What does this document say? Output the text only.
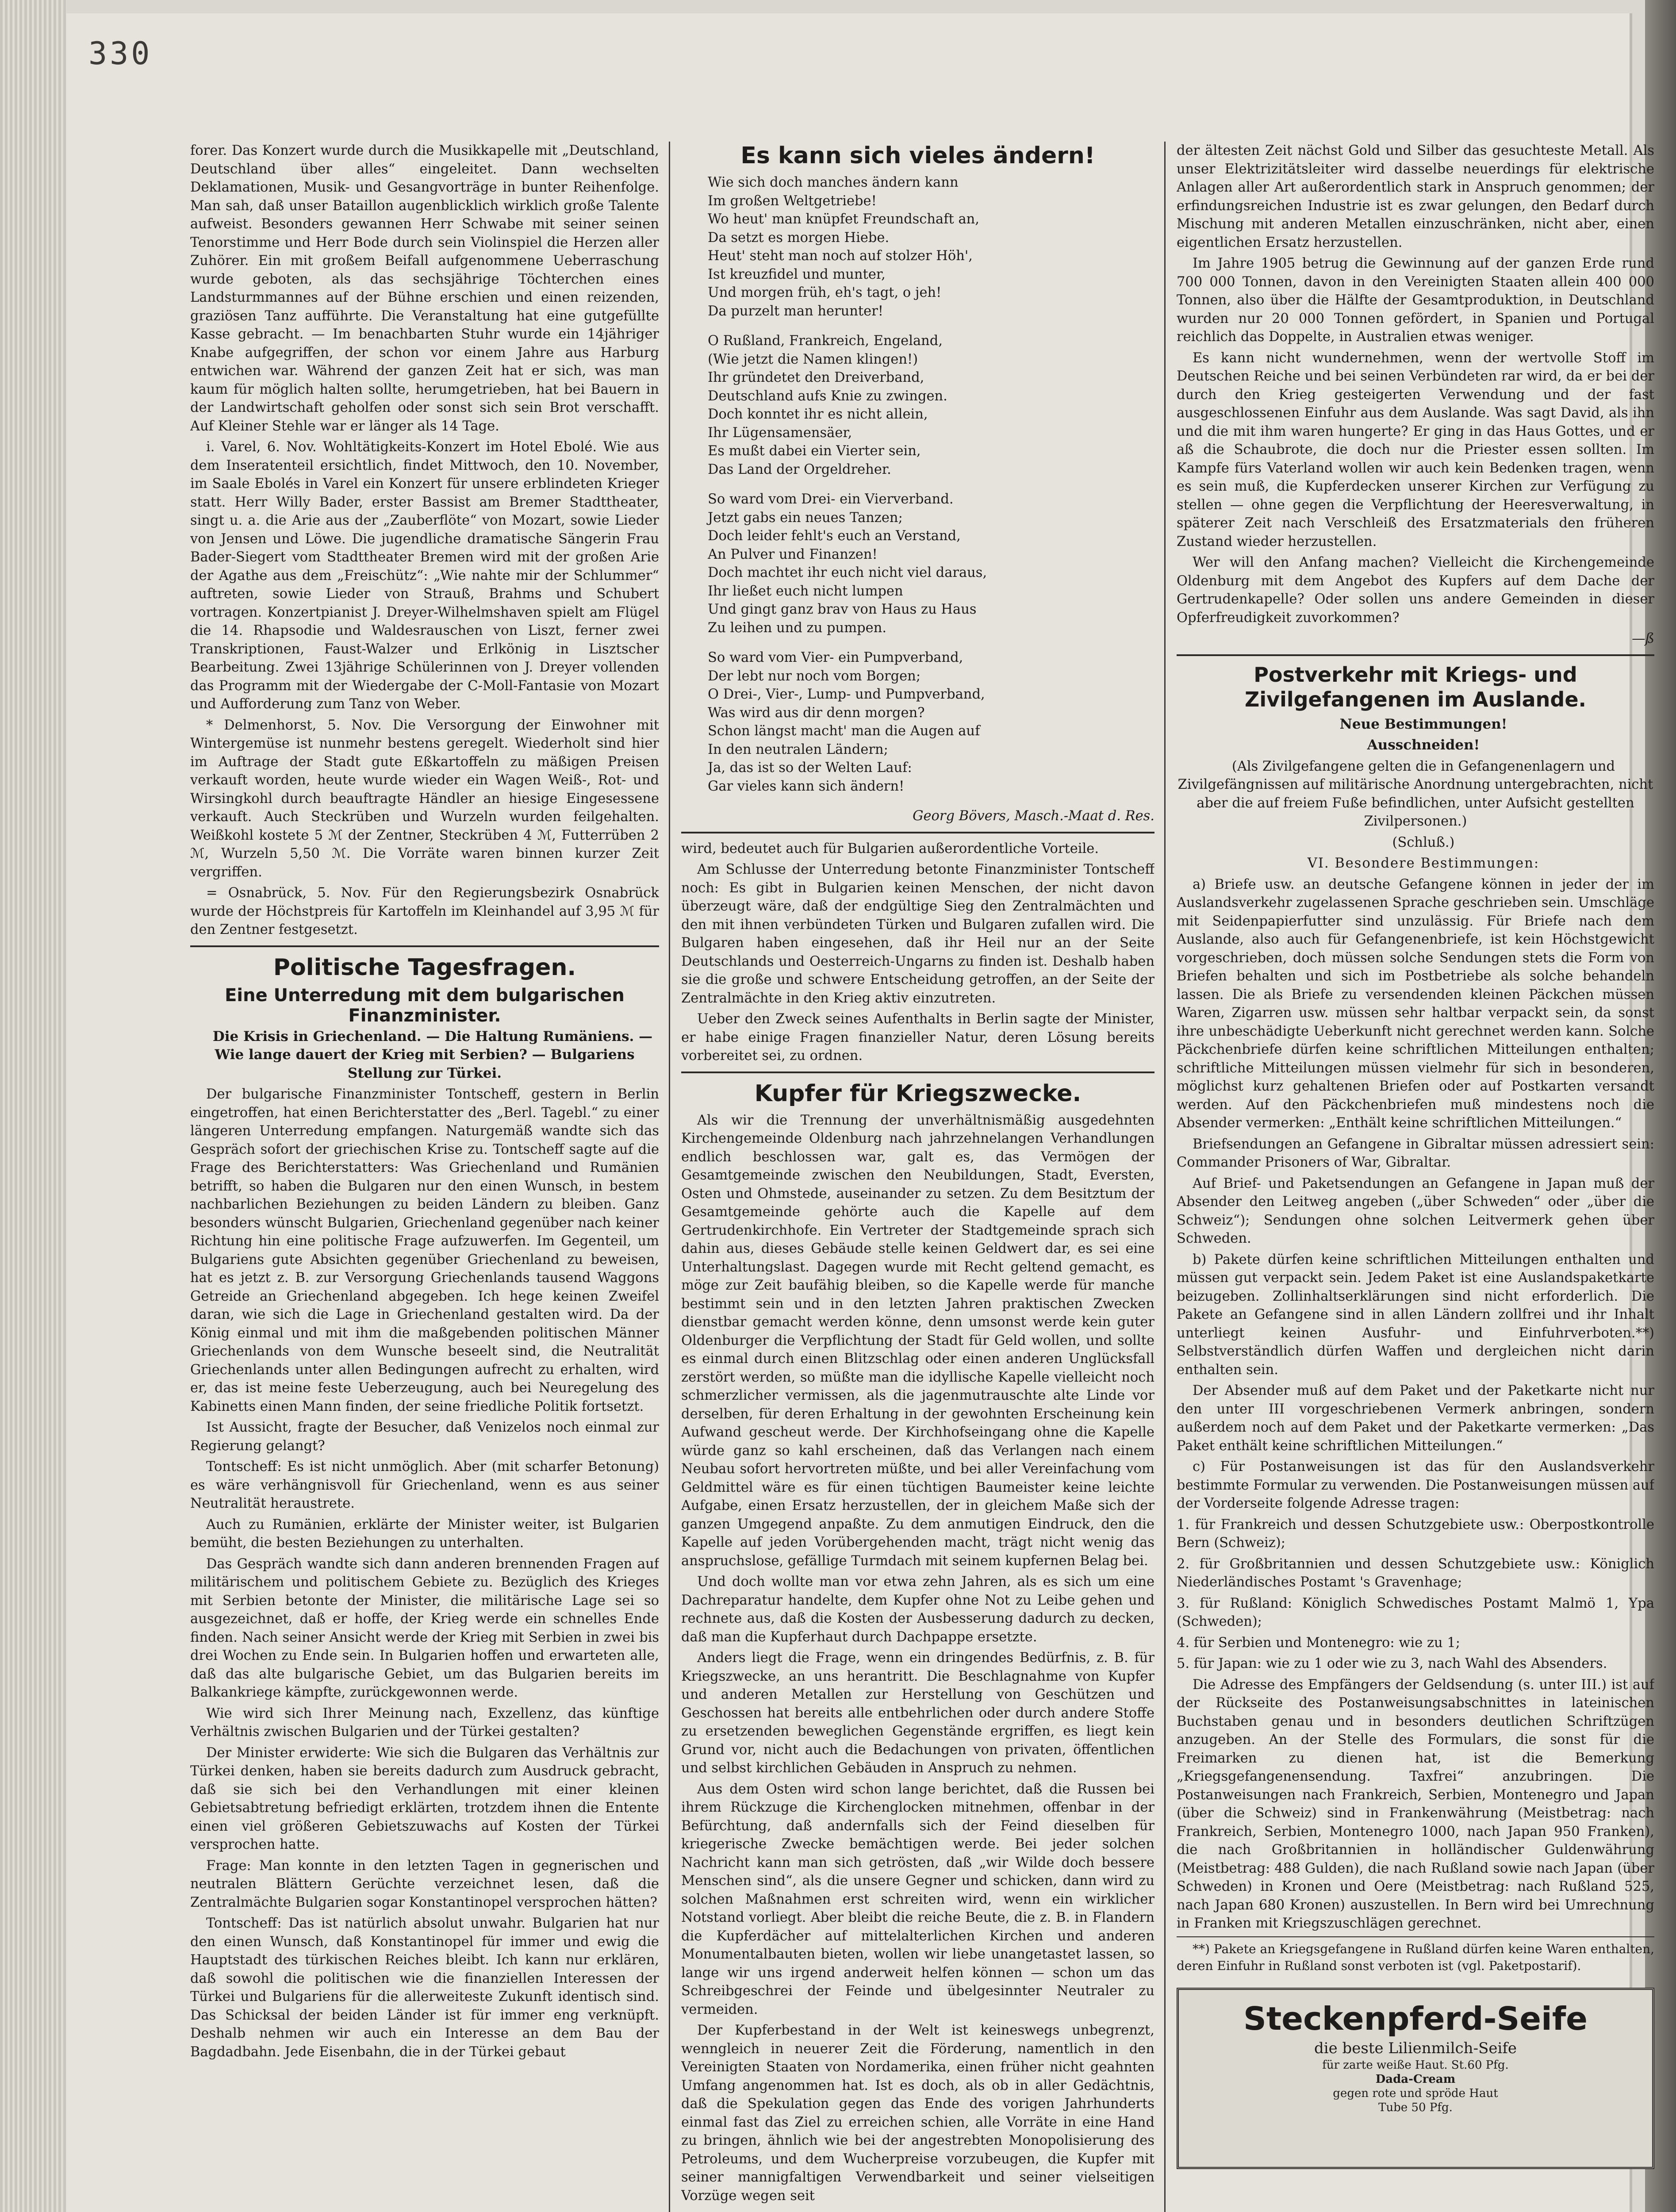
330

forer. Das Konzert wurde durch die Musikkapelle mit „Deutschland, Deutschland über alles“ eingeleitet. Dann wechselten Deklamationen, Musik- und Gesangvorträge in bunter Reihenfolge. Man sah, daß unser Bataillon augenblicklich wirklich große Talente aufweist. Besonders gewannen Herr Schwabe mit seiner seinen Tenorstimme und Herr Bode durch sein Violinspiel die Herzen aller Zuhörer. Ein mit großem Beifall aufgenommene Ueberraschung wurde geboten, als das sechsjährige Töchterchen eines Landsturmmannes auf der Bühne erschien und einen reizenden, graziösen Tanz aufführte. Die Veranstaltung hat eine gutgefüllte Kasse gebracht. — Im benachbarten Stuhr wurde ein 14jähriger Knabe aufgegriffen, der schon vor einem Jahre aus Harburg entwichen war. Während der ganzen Zeit hat er sich, was man kaum für möglich halten sollte, herumgetrieben, hat bei Bauern in der Landwirtschaft geholfen oder sonst sich sein Brot verschafft. Auf Kleiner Stehle war er länger als 14 Tage.

i. Varel, 6. Nov. Wohltätigkeits-Konzert im Hotel Ebolé. Wie aus dem Inseratenteil ersichtlich, findet Mittwoch, den 10. November, im Saale Ebolés in Varel ein Konzert für unsere erblindeten Krieger statt. Herr Willy Bader, erster Bassist am Bremer Stadttheater, singt u. a. die Arie aus der „Zauberflöte“ von Mozart, sowie Lieder von Jensen und Löwe. Die jugendliche dramatische Sängerin Frau Bader-Siegert vom Stadttheater Bremen wird mit der großen Arie der Agathe aus dem „Freischütz“: „Wie nahte mir der Schlummer“ auftreten, sowie Lieder von Strauß, Brahms und Schubert vortragen. Konzertpianist J. Dreyer-Wilhelmshaven spielt am Flügel die 14. Rhapsodie und Waldesrauschen von Liszt, ferner zwei Transkriptionen, Faust-Walzer und Erlkönig in Lisztscher Bearbeitung. Zwei 13jährige Schülerinnen von J. Dreyer vollenden das Programm mit der Wiedergabe der C-Moll-Fantasie von Mozart und Aufforderung zum Tanz von Weber.

* Delmenhorst, 5. Nov. Die Versorgung der Einwohner mit Wintergemüse ist nunmehr bestens geregelt. Wiederholt sind hier im Auftrage der Stadt gute Eßkartoffeln zu mäßigen Preisen verkauft worden, heute wurde wieder ein Wagen Weiß-, Rot- und Wirsingkohl durch beauftragte Händler an hiesige Eingesessene verkauft. Auch Steckrüben und Wurzeln wurden feilgehalten. Weißkohl kostete 5 ℳ der Zentner, Steckrüben 4 ℳ, Futterrüben 2 ℳ, Wurzeln 5,50 ℳ. Die Vorräte waren binnen kurzer Zeit vergriffen.

= Osnabrück, 5. Nov. Für den Regierungsbezirk Osnabrück wurde der Höchstpreis für Kartoffeln im Kleinhandel auf 3,95 ℳ für den Zentner festgesetzt.

Politische Tagesfragen.
Eine Unterredung mit dem bulgarischen Finanzminister.

Die Krisis in Griechenland. — Die Haltung Rumäniens. — Wie lange dauert der Krieg mit Serbien? — Bulgariens Stellung zur Türkei.

Der bulgarische Finanzminister Tontscheff, gestern in Berlin eingetroffen, hat einen Berichterstatter des „Berl. Tagebl.“ zu einer längeren Unterredung empfangen. Naturgemäß wandte sich das Gespräch sofort der griechischen Krise zu. Tontscheff sagte auf die Frage des Berichterstatters: Was Griechenland und Rumänien betrifft, so haben die Bulgaren nur den einen Wunsch, in bestem nachbarlichen Beziehungen zu beiden Ländern zu bleiben. Ganz besonders wünscht Bulgarien, Griechenland gegenüber nach keiner Richtung hin eine politische Frage aufzuwerfen. Im Gegenteil, um Bulgariens gute Absichten gegenüber Griechenland zu beweisen, hat es jetzt z. B. zur Versorgung Griechenlands tausend Waggons Getreide an Griechenland abgegeben. Ich hege keinen Zweifel daran, wie sich die Lage in Griechenland gestalten wird. Da der König einmal und mit ihm die maßgebenden politischen Männer Griechenlands von dem Wunsche beseelt sind, die Neutralität Griechenlands unter allen Bedingungen aufrecht zu erhalten, wird er, das ist meine feste Ueberzeugung, auch bei Neuregelung des Kabinetts einen Mann finden, der seine friedliche Politik fortsetzt.

Ist Aussicht, fragte der Besucher, daß Venizelos noch einmal zur Regierung gelangt?

Tontscheff: Es ist nicht unmöglich. Aber (mit scharfer Betonung) es wäre verhängnisvoll für Griechenland, wenn es aus seiner Neutralität heraustrete.

Auch zu Rumänien, erklärte der Minister weiter, ist Bulgarien bemüht, die besten Beziehungen zu unterhalten.

Das Gespräch wandte sich dann anderen brennenden Fragen auf militärischem und politischem Gebiete zu. Bezüglich des Krieges mit Serbien betonte der Minister, die militärische Lage sei so ausgezeichnet, daß er hoffe, der Krieg werde ein schnelles Ende finden. Nach seiner Ansicht werde der Krieg mit Serbien in zwei bis drei Wochen zu Ende sein. In Bulgarien hoffen und erwarteten alle, daß das alte bulgarische Gebiet, um das Bulgarien bereits im Balkankriege kämpfte, zurückgewonnen werde.

Wie wird sich Ihrer Meinung nach, Exzellenz, das künftige Verhältnis zwischen Bulgarien und der Türkei gestalten?

Der Minister erwiderte: Wie sich die Bulgaren das Verhältnis zur Türkei denken, haben sie bereits dadurch zum Ausdruck gebracht, daß sie sich bei den Verhandlungen mit einer kleinen Gebietsabtretung befriedigt erklärten, trotzdem ihnen die Entente einen viel größeren Gebietszuwachs auf Kosten der Türkei versprochen hatte.

Frage: Man konnte in den letzten Tagen in gegnerischen und neutralen Blättern Gerüchte verzeichnet lesen, daß die Zentralmächte Bulgarien sogar Konstantinopel versprochen hätten?

Tontscheff: Das ist natürlich absolut unwahr. Bulgarien hat nur den einen Wunsch, daß Konstantinopel für immer und ewig die Hauptstadt des türkischen Reiches bleibt. Ich kann nur erklären, daß sowohl die politischen wie die finanziellen Interessen der Türkei und Bulgariens für die allerweiteste Zukunft identisch sind. Das Schicksal der beiden Länder ist für immer eng verknüpft. Deshalb nehmen wir auch ein Interesse an dem Bau der Bagdadbahn. Jede Eisenbahn, die in der Türkei gebaut

Es kann sich vieles ändern!
Wie sich doch manches ändern kann
Im großen Weltgetriebe!
Wo heut' man knüpfet Freundschaft an,
Da setzt es morgen Hiebe.
Heut' steht man noch auf stolzer Höh',
Ist kreuzfidel und munter,
Und morgen früh, eh's tagt, o jeh!
Da purzelt man herunter!
O Rußland, Frankreich, Engeland,
(Wie jetzt die Namen klingen!)
Ihr gründetet den Dreiverband,
Deutschland aufs Knie zu zwingen.
Doch konntet ihr es nicht allein,
Ihr Lügensamensäer,
Es mußt dabei ein Vierter sein,
Das Land der Orgeldreher.
So ward vom Drei- ein Vierverband.
Jetzt gabs ein neues Tanzen;
Doch leider fehlt's euch an Verstand,
An Pulver und Finanzen!
Doch machtet ihr euch nicht viel daraus,
Ihr ließet euch nicht lumpen
Und gingt ganz brav von Haus zu Haus
Zu leihen und zu pumpen.
So ward vom Vier- ein Pumpverband,
Der lebt nur noch vom Borgen;
O Drei-, Vier-, Lump- und Pumpverband,
Was wird aus dir denn morgen?
Schon längst macht' man die Augen auf
In den neutralen Ländern;
Ja, das ist so der Welten Lauf:
Gar vieles kann sich ändern!

Georg Bövers, Masch.-Maat d. Res.

wird, bedeutet auch für Bulgarien außerordentliche Vorteile.

Am Schlusse der Unterredung betonte Finanzminister Tontscheff noch: Es gibt in Bulgarien keinen Menschen, der nicht davon überzeugt wäre, daß der endgültige Sieg den Zentralmächten und den mit ihnen verbündeten Türken und Bulgaren zufallen wird. Die Bulgaren haben eingesehen, daß ihr Heil nur an der Seite Deutschlands und Oesterreich-Ungarns zu finden ist. Deshalb haben sie die große und schwere Entscheidung getroffen, an der Seite der Zentralmächte in den Krieg aktiv einzutreten.

Ueber den Zweck seines Aufenthalts in Berlin sagte der Minister, er habe einige Fragen finanzieller Natur, deren Lösung bereits vorbereitet sei, zu ordnen.

Kupfer für Kriegszwecke.

Als wir die Trennung der unverhältnismäßig ausgedehnten Kirchengemeinde Oldenburg nach jahrzehnelangen Verhandlungen endlich beschlossen war, galt es, das Vermögen der Gesamtgemeinde zwischen den Neubildungen, Stadt, Eversten, Osten und Ohmstede, auseinander zu setzen. Zu dem Besitztum der Gesamtgemeinde gehörte auch die Kapelle auf dem Gertrudenkirchhofe. Ein Vertreter der Stadtgemeinde sprach sich dahin aus, dieses Gebäude stelle keinen Geldwert dar, es sei eine Unterhaltungslast. Dagegen wurde mit Recht geltend gemacht, es möge zur Zeit baufähig bleiben, so die Kapelle werde für manche bestimmt sein und in den letzten Jahren praktischen Zwecken dienstbar gemacht werden könne, denn umsonst werde kein guter Oldenburger die Verpflichtung der Stadt für Geld wollen, und sollte es einmal durch einen Blitzschlag oder einen anderen Unglücksfall zerstört werden, so müßte man die idyllische Kapelle vielleicht noch schmerzlicher vermissen, als die jagenmutrauschte alte Linde vor derselben, für deren Erhaltung in der gewohnten Erscheinung kein Aufwand gescheut werde. Der Kirchhofseingang ohne die Kapelle würde ganz so kahl erscheinen, daß das Verlangen nach einem Neubau sofort hervortreten müßte, und bei aller Vereinfachung vom Geldmittel wäre es für einen tüchtigen Baumeister keine leichte Aufgabe, einen Ersatz herzustellen, der in gleichem Maße sich der ganzen Umgegend anpaßte. Zu dem anmutigen Eindruck, den die Kapelle auf jeden Vorübergehenden macht, trägt nicht wenig das anspruchslose, gefällige Turmdach mit seinem kupfernen Belag bei.

Und doch wollte man vor etwa zehn Jahren, als es sich um eine Dachreparatur handelte, dem Kupfer ohne Not zu Leibe gehen und rechnete aus, daß die Kosten der Ausbesserung dadurch zu decken, daß man die Kupferhaut durch Dachpappe ersetzte.

Anders liegt die Frage, wenn ein dringendes Bedürfnis, z. B. für Kriegszwecke, an uns herantritt. Die Beschlagnahme von Kupfer und anderen Metallen zur Herstellung von Geschützen und Geschossen hat bereits alle entbehrlichen oder durch andere Stoffe zu ersetzenden beweglichen Gegenstände ergriffen, es liegt kein Grund vor, nicht auch die Bedachungen von privaten, öffentlichen und selbst kirchlichen Gebäuden in Anspruch zu nehmen.

Aus dem Osten wird schon lange berichtet, daß die Russen bei ihrem Rückzuge die Kirchenglocken mitnehmen, offenbar in der Befürchtung, daß andernfalls sich der Feind dieselben für kriegerische Zwecke bemächtigen werde. Bei jeder solchen Nachricht kann man sich getrösten, daß „wir Wilde doch bessere Menschen sind“, als die unsere Gegner und schicken, dann wird zu solchen Maßnahmen erst schreiten wird, wenn ein wirklicher Notstand vorliegt. Aber bleibt die reiche Beute, die z. B. in Flandern die Kupferdächer auf mittelalterlichen Kirchen und anderen Monumentalbauten bieten, wollen wir liebe unangetastet lassen, so lange wir uns irgend anderweit helfen können — schon um das Schreibgeschrei der Feinde und übelgesinnter Neutraler zu vermeiden.

Der Kupferbestand in der Welt ist keineswegs unbegrenzt, wenngleich in neuerer Zeit die Förderung, namentlich in den Vereinigten Staaten von Nordamerika, einen früher nicht geahnten Umfang angenommen hat. Ist es doch, als ob in aller Gedächtnis, daß die Spekulation gegen das Ende des vorigen Jahrhunderts einmal fast das Ziel zu erreichen schien, alle Vorräte in eine Hand zu bringen, ähnlich wie bei der angestrebten Monopolisierung des Petroleums, und dem Wucherpreise vorzubeugen, die Kupfer mit seiner mannigfaltigen Verwendbarkeit und seiner vielseitigen Vorzüge wegen seit

der ältesten Zeit nächst Gold und Silber das gesuchteste Metall. Als unser Elektrizitätsleiter wird dasselbe neuerdings für elektrische Anlagen aller Art außerordentlich stark in Anspruch genommen; der erfindungsreichen Industrie ist es zwar gelungen, den Bedarf durch Mischung mit anderen Metallen einzuschränken, nicht aber, einen eigentlichen Ersatz herzustellen.

Im Jahre 1905 betrug die Gewinnung auf der ganzen Erde rund 700 000 Tonnen, davon in den Vereinigten Staaten allein 400 000 Tonnen, also über die Hälfte der Gesamtproduktion, in Deutschland wurden nur 20 000 Tonnen gefördert, in Spanien und Portugal reichlich das Doppelte, in Australien etwas weniger.

Es kann nicht wundernehmen, wenn der wertvolle Stoff im Deutschen Reiche und bei seinen Verbündeten rar wird, da er bei der durch den Krieg gesteigerten Verwendung und der fast ausgeschlossenen Einfuhr aus dem Auslande. Was sagt David, als ihn und die mit ihm waren hungerte? Er ging in das Haus Gottes, und er aß die Schaubrote, die doch nur die Priester essen sollten. Im Kampfe fürs Vaterland wollen wir auch kein Bedenken tragen, wenn es sein muß, die Kupferdecken unserer Kirchen zur Verfügung zu stellen — ohne gegen die Verpflichtung der Heeresverwaltung, in späterer Zeit nach Verschleiß des Ersatzmaterials den früheren Zustand wieder herzustellen.

Wer will den Anfang machen? Vielleicht die Kirchengemeinde Oldenburg mit dem Angebot des Kupfers auf dem Dache der Gertrudenkapelle? Oder sollen uns andere Gemeinden in dieser Opferfreudigkeit zuvorkommen?

—ß

Postverkehr mit Kriegs- und Zivilgefangenen im Auslande.

Neue Bestimmungen!

Ausschneiden!

(Als Zivilgefangene gelten die in Gefangenenlagern und Zivilgefängnissen auf militärische Anordnung untergebrachten, nicht aber die auf freiem Fuße befindlichen, unter Aufsicht gestellten Zivilpersonen.)

(Schluß.)

VI. Besondere Bestimmungen:

a) Briefe usw. an deutsche Gefangene können in jeder der im Auslandsverkehr zugelassenen Sprache geschrieben sein. Umschläge mit Seidenpapierfutter sind unzulässig. Für Briefe nach dem Auslande, also auch für Gefangenenbriefe, ist kein Höchstgewicht vorgeschrieben, doch müssen solche Sendungen stets die Form von Briefen behalten und sich im Postbetriebe als solche behandeln lassen. Die als Briefe zu versendenden kleinen Päckchen müssen Waren, Zigarren usw. müssen sehr haltbar verpackt sein, da sonst ihre unbeschädigte Ueberkunft nicht gerechnet werden kann. Solche Päckchenbriefe dürfen keine schriftlichen Mitteilungen enthalten; schriftliche Mitteilungen müssen vielmehr für sich in besonderen, möglichst kurz gehaltenen Briefen oder auf Postkarten versandt werden. Auf den Päckchenbriefen muß mindestens noch die Absender vermerken: „Enthält keine schriftlichen Mitteilungen.“

Briefsendungen an Gefangene in Gibraltar müssen adressiert sein: Commander Prisoners of War, Gibraltar.

Auf Brief- und Paketsendungen an Gefangene in Japan muß der Absender den Leitweg angeben („über Schweden“ oder „über die Schweiz“); Sendungen ohne solchen Leitvermerk gehen über Schweden.

b) Pakete dürfen keine schriftlichen Mitteilungen enthalten und müssen gut verpackt sein. Jedem Paket ist eine Auslandspaketkarte beizugeben. Zollinhaltserklärungen sind nicht erforderlich. Die Pakete an Gefangene sind in allen Ländern zollfrei und ihr Inhalt unterliegt keinen Ausfuhr- und Einfuhrverboten.**) Selbstverständlich dürfen Waffen und dergleichen nicht darin enthalten sein.

Der Absender muß auf dem Paket und der Paketkarte nicht nur den unter III vorgeschriebenen Vermerk anbringen, sondern außerdem noch auf dem Paket und der Paketkarte vermerken: „Das Paket enthält keine schriftlichen Mitteilungen.“

c) Für Postanweisungen ist das für den Auslandsverkehr bestimmte Formular zu verwenden. Die Postanweisungen müssen auf der Vorderseite folgende Adresse tragen:

1. für Frankreich und dessen Schutzgebiete usw.: Oberpostkontrolle Bern (Schweiz);

2. für Großbritannien und dessen Schutzgebiete usw.: Königlich Niederländisches Postamt 's Gravenhage;

3. für Rußland: Königlich Schwedisches Postamt Malmö 1, Ypa (Schweden);

4. für Serbien und Montenegro: wie zu 1;

5. für Japan: wie zu 1 oder wie zu 3, nach Wahl des Absenders.

Die Adresse des Empfängers der Geldsendung (s. unter III.) ist auf der Rückseite des Postanweisungsabschnittes in lateinischen Buchstaben genau und in besonders deutlichen Schriftzügen anzugeben. An der Stelle des Formulars, die sonst für die Freimarken zu dienen hat, ist die Bemerkung „Kriegsgefangenensendung. Taxfrei“ anzubringen. Die Postanweisungen nach Frankreich, Serbien, Montenegro und Japan (über die Schweiz) sind in Frankenwährung (Meistbetrag: nach Frankreich, Serbien, Montenegro 1000, nach Japan 950 Franken), die nach Großbritannien in holländischer Guldenwährung (Meistbetrag: 488 Gulden), die nach Rußland sowie nach Japan (über Schweden) in Kronen und Oere (Meistbetrag: nach Rußland 525, nach Japan 680 Kronen) auszustellen. In Bern wird bei Umrechnung in Franken mit Kriegszuschlägen gerechnet.

**) Pakete an Kriegsgefangene in Rußland dürfen keine Waren enthalten, deren Einfuhr in Rußland sonst verboten ist (vgl. Paketpostarif).

Steckenpferd-Seife
die beste Lilienmilch-Seife
für zarte weiße Haut. St.60 Pfg.
Dada-Cream
gegen rote und spröde Haut
Tube 50 Pfg.
